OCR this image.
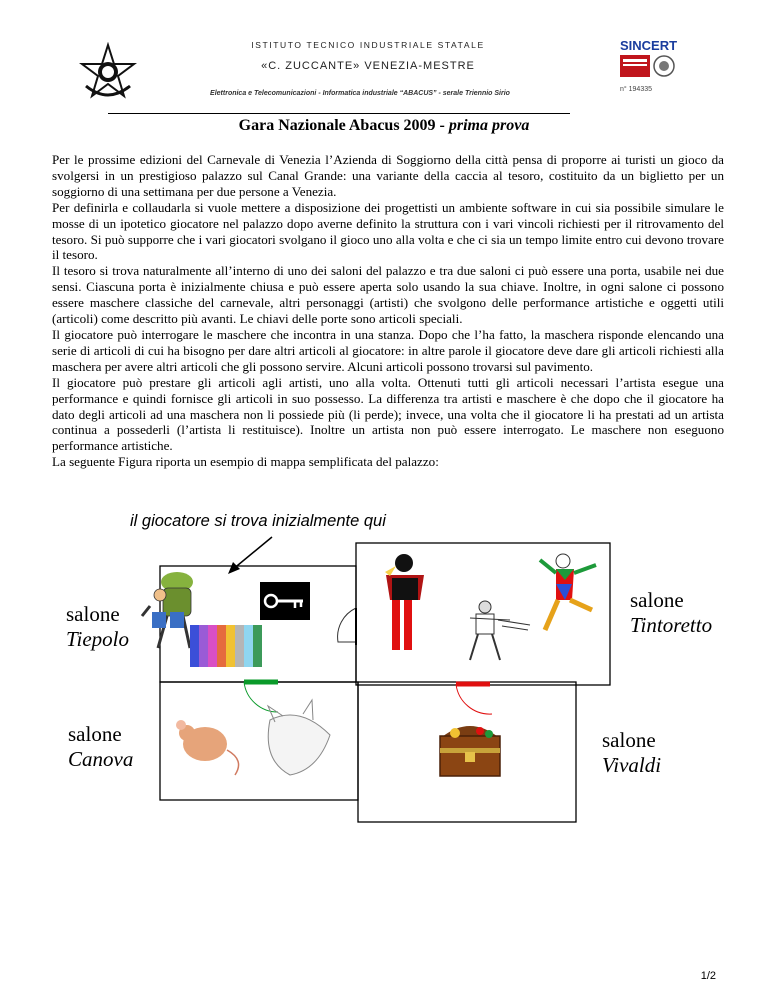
ISTITUTO TECNICO INDUSTRIALE STATALE
«C. ZUCCANTE» VENEZIA-MESTRE
Elettronica e Telecomunicazioni - Informatica industriale “ABACUS” - serale Triennio Sirio
SINCERT
n° 194335
Gara Nazionale Abacus 2009 - prima prova

Per le prossime edizioni del Carnevale di Venezia l’Azienda di Soggiorno della città pensa di proporre ai turisti un gioco da svolgersi in un prestigioso palazzo sul Canal Grande: una variante della caccia al tesoro, costituito da un biglietto per un soggiorno di una settimana per due persone a Venezia.

Per definirla e collaudarla si vuole mettere a disposizione dei progettisti un ambiente software in cui sia possibile simulare le mosse di un ipotetico giocatore nel palazzo dopo averne definito la struttura con i vari vincoli richiesti per il ritrovamento del tesoro. Si può supporre che i vari giocatori svolgano il gioco uno alla volta e che ci sia un tempo limite entro cui devono trovare il tesoro.

Il tesoro si trova naturalmente all’interno di uno dei saloni del palazzo e tra due saloni ci può essere una porta, usabile nei due sensi. Ciascuna porta è inizialmente chiusa e può essere aperta solo usando la sua chiave. Inoltre, in ogni salone ci possono essere maschere classiche del carnevale, altri personaggi (artisti) che svolgono delle performance artistiche e oggetti utili (articoli) come descritto più avanti. Le chiavi delle porte sono articoli speciali.

Il giocatore può interrogare le maschere che incontra in una stanza. Dopo che l’ha fatto, la maschera risponde elencando una serie di articoli di cui ha bisogno per dare altri articoli al giocatore: in altre parole il giocatore deve dare gli articoli richiesti alla maschera per avere altri articoli che gli possono servire. Alcuni articoli possono trovarsi sul pavimento.

Il giocatore può prestare gli articoli agli artisti, uno alla volta. Ottenuti tutti gli articoli necessari l’artista esegue una performance e quindi fornisce gli articoli in suo possesso. La differenza tra artisti e maschere è che dopo che il giocatore ha dato degli articoli ad una maschera non li possiede più (li perde); invece, una volta che il giocatore li ha prestati ad un artista continua a possederli (l’artista li restituisce). Inoltre un artista non può essere interrogato. Le maschere non eseguono performance artistiche.

La seguente Figura riporta un esempio di mappa semplificata del palazzo:

il giocatore si trova inizialmente qui
salone
Tiepolo
salone
Tintoretto
salone
Canova
salone
Vivaldi
1/2
